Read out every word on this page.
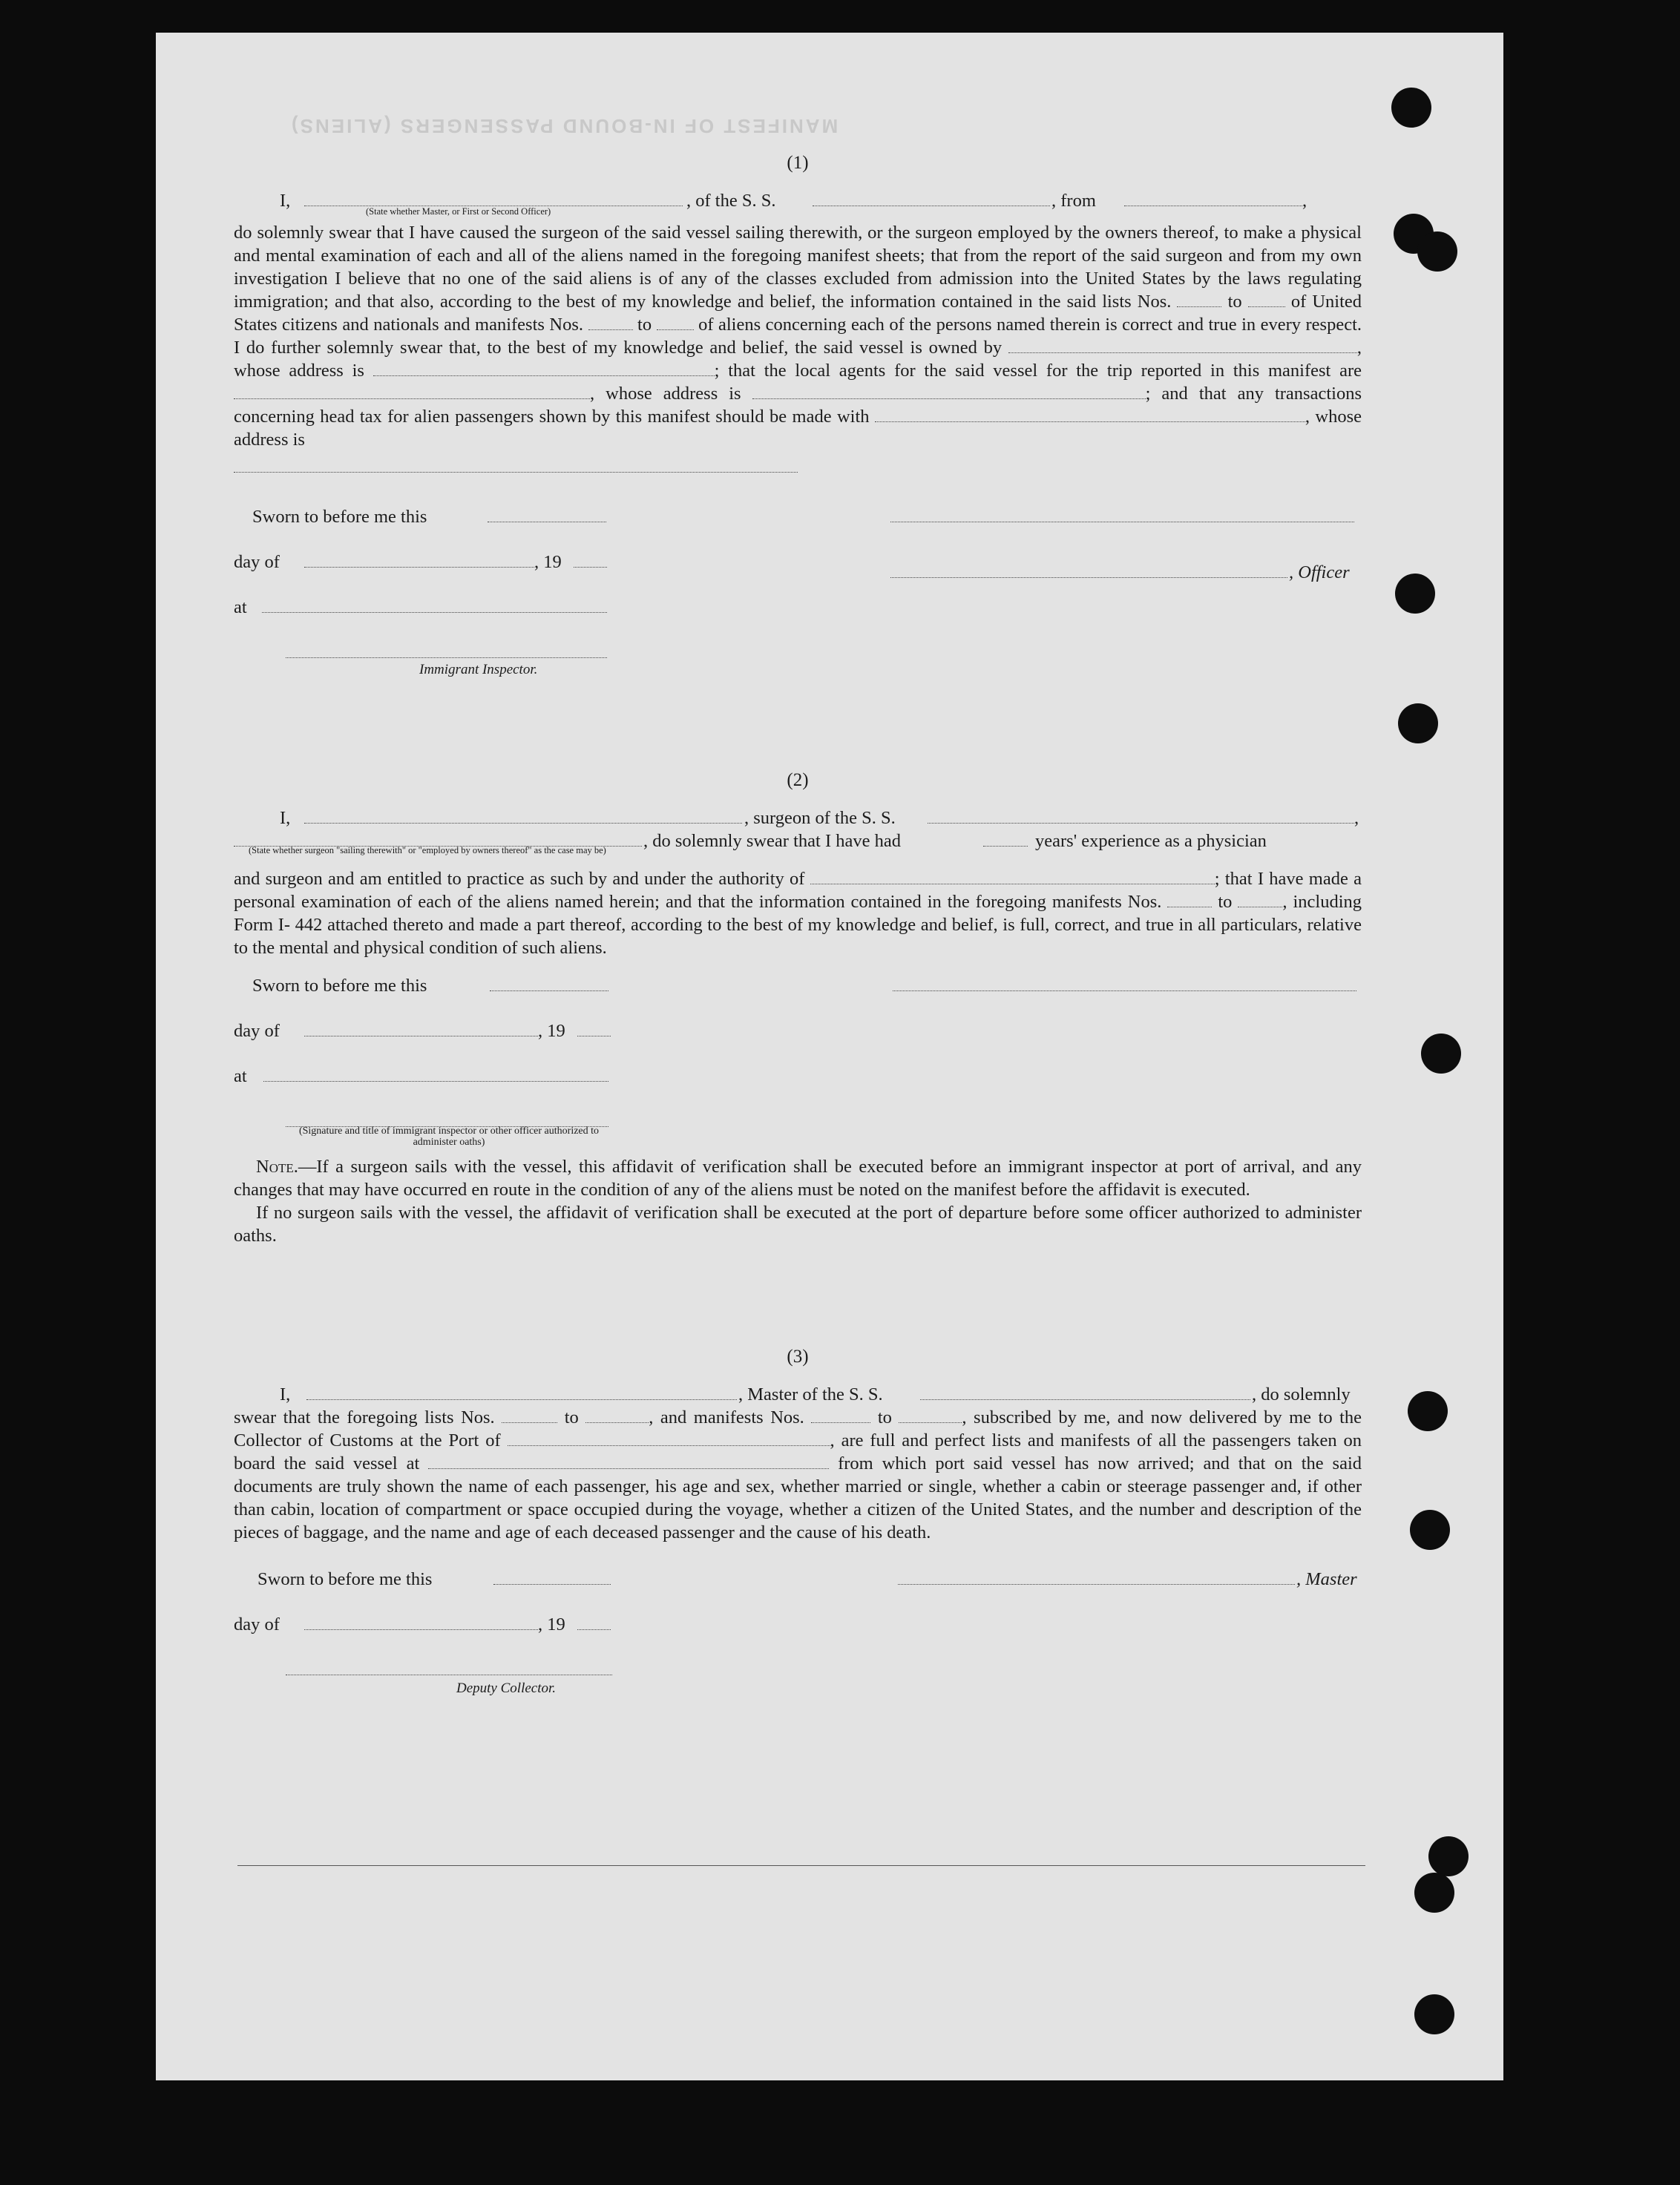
MANIFEST OF IN-BOUND PASSENGERS (ALIENS)
(1)
I,	, of the S. S.	, from	,
(State whether Master, or First or Second Officer)

do solemnly swear that I have caused the surgeon of the said vessel sailing therewith, or the surgeon employed by the owners thereof, to make a physical and mental examination of each and all of the aliens named in the foregoing manifest sheets; that from the report of the said surgeon and from my own investigation I believe that no one of the said aliens is of any of the classes excluded from admission into the United States by the laws regulating immigration; and that also, according to the best of my knowledge and belief, the information contained in the said lists Nos.	to	of United States citizens and nationals and manifests Nos.	to	of aliens concerning each of the persons named therein is correct and true in every respect. I do further solemnly swear that, to the best of my knowledge and belief, the said vessel is owned by	, whose address is	; that the local agents for the said vessel for the trip reported in this manifest are , whose address is	; and that any transactions concerning head tax for alien passengers shown by this manifest should be made with	, whose address is

Sworn to before me this
day of	, 19
, Officer
at
Immigrant Inspector.
(2)
I,	, surgeon of the S. S.	,
, do solemnly swear that I have had	years' experience as a physician
(State whether surgeon "sailing therewith" or "employed by owners thereof" as the case may be)

and surgeon and am entitled to practice as such by and under the authority of	; that I have made a personal examination of each of the aliens named herein; and that the information contained in the foregoing manifests Nos.	to	, including Form I- 442 attached thereto and made a part thereof, according to the best of my knowledge and belief, is full, correct, and true in all particulars, relative to the mental and physical condition of such aliens.

Sworn to before me this
day of	, 19
at
(Signature and title of immigrant inspector or other officer authorized to administer oaths)

Note.—If a surgeon sails with the vessel, this affidavit of verification shall be executed before an immigrant inspector at port of arrival, and any changes that may have occurred en route in the condition of any of the aliens must be noted on the manifest before the affidavit is executed.

If no surgeon sails with the vessel, the affidavit of verification shall be executed at the port of departure before some officer authorized to administer oaths.

(3)
I,	, Master of the S. S.	, do solemnly

swear that the foregoing lists Nos.	to	, and manifests Nos.	to	, subscribed by me, and now delivered by me to the Collector of Customs at the Port of	, are full and perfect lists and manifests of all the passengers taken on board the said vessel at	from which port said vessel has now arrived; and that on the said documents are truly shown the name of each passenger, his age and sex, whether married or single, whether a cabin or steerage passenger and, if other than cabin, location of compartment or space occupied during the voyage, whether a citizen of the United States, and the number and description of the pieces of baggage, and the name and age of each deceased passenger and the cause of his death.

Sworn to before me this	, Master
day of	, 19
Deputy Collector.
